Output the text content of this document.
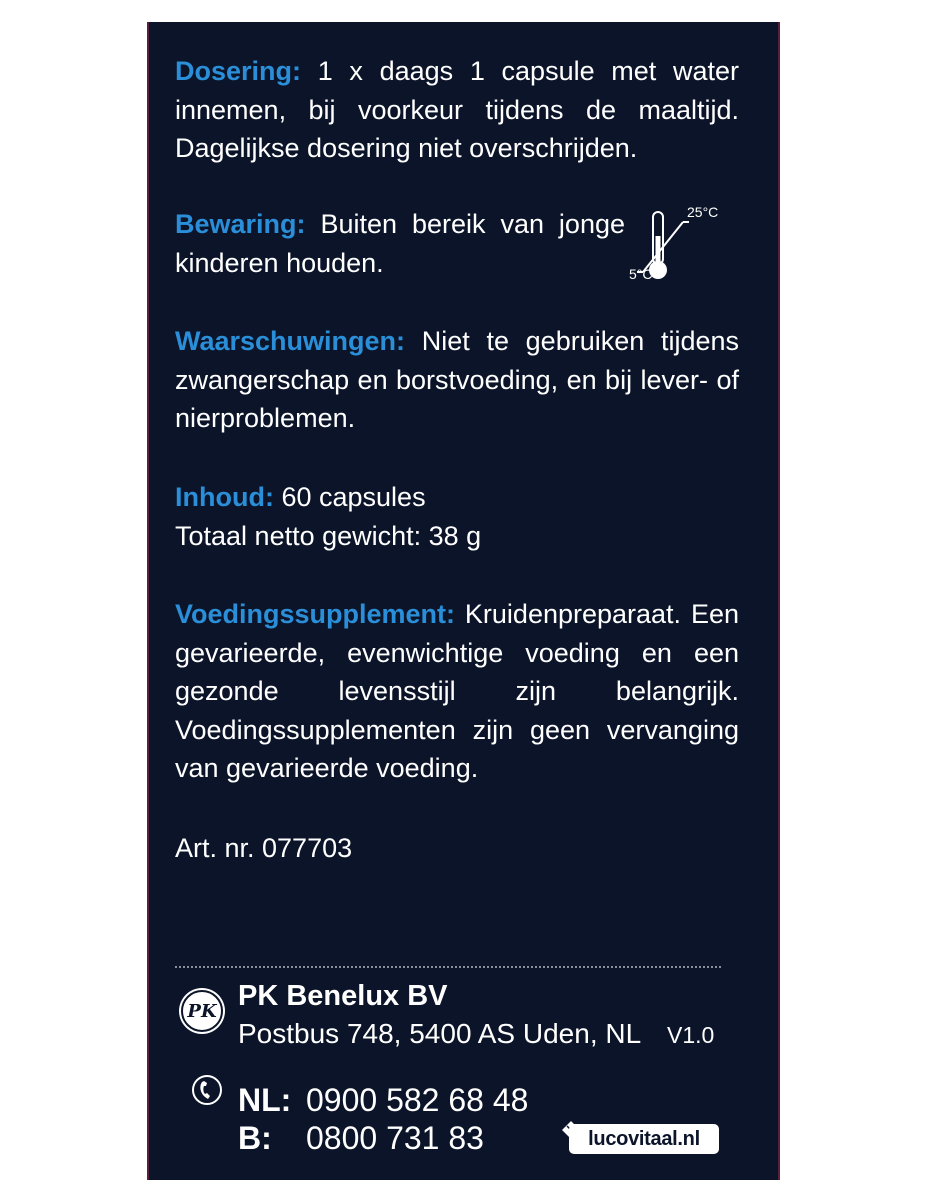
Dosering: 1 x daags 1 capsule met water innemen, bij voorkeur tijdens de maaltijd. Dagelijkse dosering niet overschrijden.

Bewaring: Buiten bereik van jonge kinderen houden.

25°C
5°C

Waarschuwingen: Niet te gebruiken tijdens zwangerschap en borstvoeding, en bij lever- of nierproblemen.

Inhoud: 60 capsules
Totaal netto gewicht: 38 g

Voedingssupplement: Kruidenpreparaat. Een gevarieerde, evenwichtige voeding en een gezonde levensstijl zijn belangrijk. Voedingssupplementen zijn geen vervanging van gevarieerde voeding.

Art. nr. 077703
PK PK Benelux BV
Postbus 748, 5400 AS Uden, NL V1.0
NL: 0900 582 68 48
B: 0800 731 83	lucovitaal.nl
